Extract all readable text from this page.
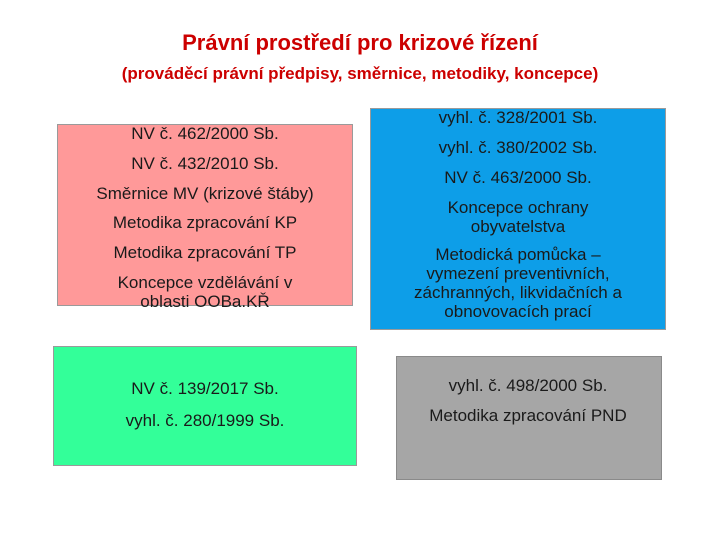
Právní prostředí pro krizové řízení
(prováděcí právní předpisy, směrnice, metodiky, koncepce)
NV č. 462/2000 Sb.
NV č. 432/2010 Sb.
Směrnice MV (krizové štáby)
Metodika zpracování KP
Metodika zpracování TP
Koncepce vzdělávání v
oblasti OOBa.KŘ
vyhl. č. 328/2001 Sb.
vyhl. č. 380/2002 Sb.
NV č. 463/2000 Sb.
Koncepce ochrany
obyvatelstva
Metodická pomůcka –
vymezení preventivních,
záchranných, likvidačních a
obnovovacích prací
NV č. 139/2017 Sb.
vyhl. č. 280/1999 Sb.
vyhl. č. 498/2000 Sb.
Metodika zpracování PND
